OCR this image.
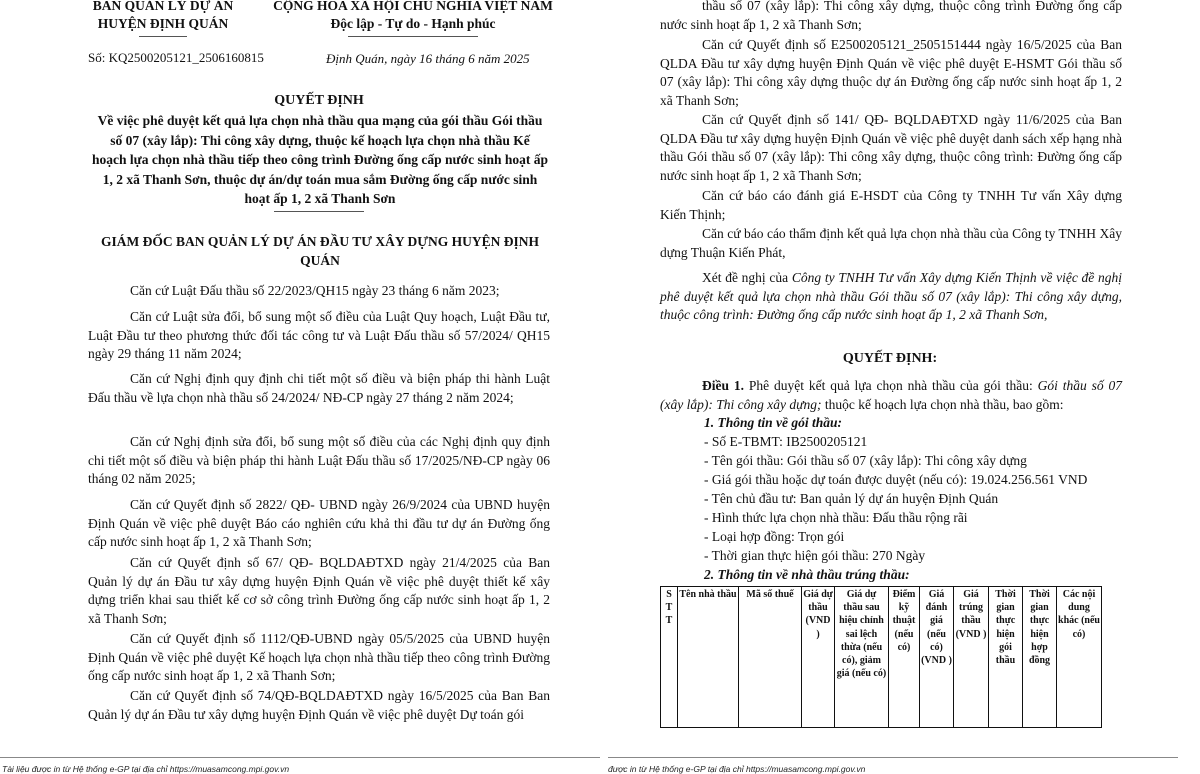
BAN QUẢN LÝ DỰ ÁN
HUYỆN ĐỊNH QUÁN
CỘNG HÒA XÃ HỘI CHỦ NGHĨA VIỆT NAM
Độc lập - Tự do - Hạnh phúc
Số: KQ2500205121_2506160815	Định Quán, ngày 16 tháng 6 năm 2025
QUYẾT ĐỊNH
Về việc phê duyệt kết quả lựa chọn nhà thầu qua mạng của gói thầu Gói thầu số 07 (xây lắp): Thi công xây dựng, thuộc kế hoạch lựa chọn nhà thầu Kế hoạch lựa chọn nhà thầu tiếp theo công trình Đường ống cấp nước sinh hoạt ấp 1, 2 xã Thanh Sơn, thuộc dự án/dự toán mua sắm Đường ống cấp nước sinh hoạt ấp 1, 2 xã Thanh Sơn
GIÁM ĐỐC BAN QUẢN LÝ DỰ ÁN ĐẦU TƯ XÂY DỰNG HUYỆN ĐỊNH QUÁN
Căn cứ Luật Đấu thầu số 22/2023/QH15 ngày 23 tháng 6 năm 2023;
Căn cứ Luật sửa đổi, bổ sung một số điều của Luật Quy hoạch, Luật Đầu tư, Luật Đầu tư theo phương thức đối tác công tư và Luật Đấu thầu số 57/2024/ QH15 ngày 29 tháng 11 năm 2024;
Căn cứ Nghị định quy định chi tiết một số điều và biện pháp thi hành Luật Đấu thầu về lựa chọn nhà thầu số 24/2024/ NĐ-CP ngày 27 tháng 2 năm 2024;
Căn cứ Nghị định sửa đổi, bổ sung một số điều của các Nghị định quy định chi tiết một số điều và biện pháp thi hành Luật Đấu thầu số 17/2025/NĐ-CP ngày 06 tháng 02 năm 2025;
Căn cứ Quyết định số 2822/ QĐ- UBND ngày 26/9/2024 của UBND huyện Định Quán về việc phê duyệt Báo cáo nghiên cứu khả thi đầu tư dự án Đường ống cấp nước sinh hoạt ấp 1, 2 xã Thanh Sơn;
Căn cứ Quyết định số 67/ QĐ- BQLDAĐTXD ngày 21/4/2025 của Ban Quản lý dự án Đầu tư xây dựng huyện Định Quán về việc phê duyệt thiết kế xây dựng triển khai sau thiết kế cơ sở công trình Đường ống cấp nước sinh hoạt ấp 1, 2 xã Thanh Sơn;
Căn cứ Quyết định số 1112/QĐ-UBND ngày 05/5/2025 của UBND huyện Định Quán về việc phê duyệt Kế hoạch lựa chọn nhà thầu tiếp theo công trình Đường ống cấp nước sinh hoạt ấp 1, 2 xã Thanh Sơn;
Căn cứ Quyết định số 74/QĐ-BQLDAĐTXD ngày 16/5/2025 của Ban Ban Quản lý dự án Đầu tư xây dựng huyện Định Quán về việc phê duyệt Dự toán gói
Tài liệu được in từ Hệ thống e-GP tại địa chỉ https://muasamcong.mpi.gov.vn
thầu số 07 (xây lắp): Thi công xây dựng, thuộc công trình Đường ống cấp nước sinh hoạt ấp 1, 2 xã Thanh Sơn;
Căn cứ Quyết định số E2500205121_2505151444 ngày 16/5/2025 của Ban QLDA Đầu tư xây dựng huyện Định Quán về việc phê duyệt E-HSMT Gói thầu số 07 (xây lắp): Thi công xây dựng thuộc dự án Đường ống cấp nước sinh hoạt ấp 1, 2 xã Thanh Sơn;
Căn cứ Quyết định số 141/ QĐ- BQLDAĐTXD ngày 11/6/2025 của Ban QLDA Đầu tư xây dựng huyện Định Quán về việc phê duyệt danh sách xếp hạng nhà thầu Gói thầu số 07 (xây lắp): Thi công xây dựng, thuộc công trình: Đường ống cấp nước sinh hoạt ấp 1, 2 xã Thanh Sơn;
Căn cứ báo cáo đánh giá E-HSDT của Công ty TNHH Tư vấn Xây dựng Kiến Thịnh;
Căn cứ báo cáo thẩm định kết quả lựa chọn nhà thầu của Công ty TNHH Xây dựng Thuận Kiến Phát,
Xét đề nghị của Công ty TNHH Tư vấn Xây dựng Kiến Thịnh về việc đề nghị phê duyệt kết quả lựa chọn nhà thầu Gói thầu số 07 (xây lắp): Thi công xây dựng, thuộc công trình: Đường ống cấp nước sinh hoạt ấp 1, 2 xã Thanh Sơn,
QUYẾT ĐỊNH:
Điều 1. Phê duyệt kết quả lựa chọn nhà thầu của gói thầu: Gói thầu số 07 (xây lắp): Thi công xây dựng; thuộc kế hoạch lựa chọn nhà thầu, bao gồm:
1. Thông tin về gói thầu:
- Số E-TBMT: IB2500205121
- Tên gói thầu: Gói thầu số 07 (xây lắp): Thi công xây dựng
- Giá gói thầu hoặc dự toán được duyệt (nếu có): 19.024.256.561 VND
- Tên chủ đầu tư: Ban quản lý dự án huyện Định Quán
- Hình thức lựa chọn nhà thầu: Đấu thầu rộng rãi
- Loại hợp đồng: Trọn gói
- Thời gian thực hiện gói thầu: 270 Ngày
2. Thông tin về nhà thầu trúng thầu:
S T T	Tên nhà thầu	Mã số thuế	Giá dự thầu (VND )	Giá dự thầu sau hiệu chỉnh sai lệch thừa (nếu có), giảm giá (nếu có)	Điểm kỹ thuật (nếu có)	Giá đánh giá (nếu có) (VND )	Giá trúng thầu (VND )	Thời gian thực hiện gói thầu	Thời gian thực hiện hợp đồng	Các nội dung khác (nếu có)
được in từ Hệ thống e-GP tại địa chỉ https://muasamcong.mpi.gov.vn
